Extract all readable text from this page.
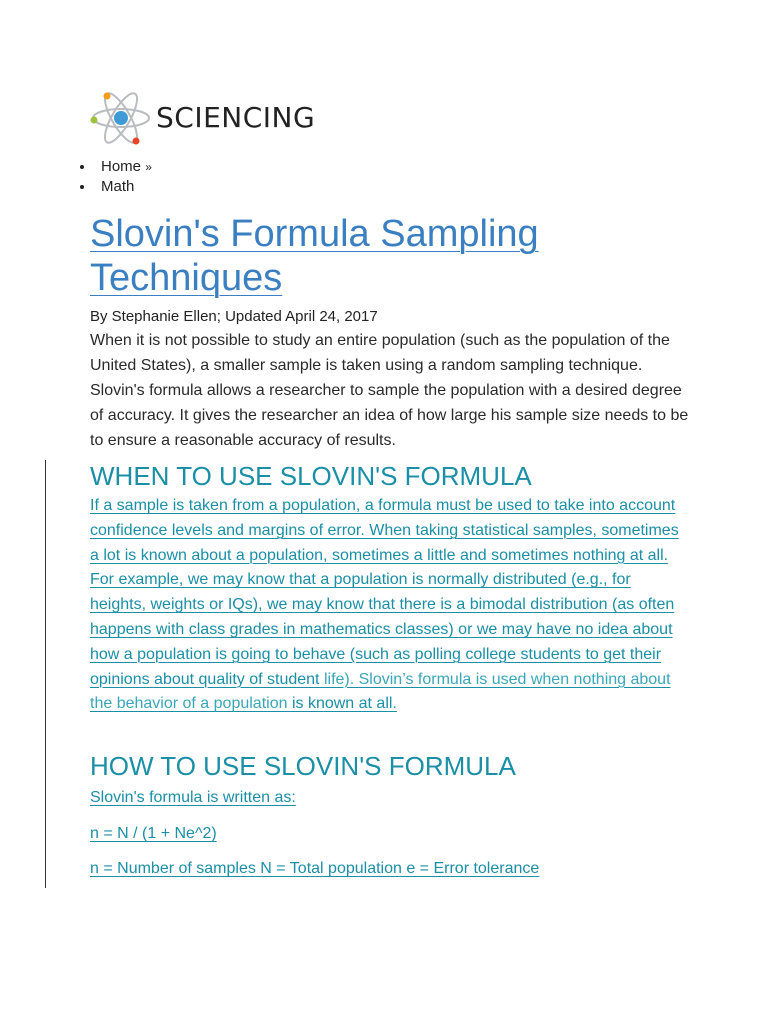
SCIENCING
Home »
Math
Slovin's Formula Sampling Techniques
By Stephanie Ellen; Updated April 24, 2017

When it is not possible to study an entire population (such as the population of the United States), a smaller sample is taken using a random sampling technique. Slovin's formula allows a researcher to sample the population with a desired degree of accuracy. It gives the researcher an idea of how large his sample size needs to be to ensure a reasonable accuracy of results.

WHEN TO USE SLOVIN'S FORMULA

If a sample is taken from a population, a formula must be used to take into account confidence levels and margins of error. When taking statistical samples, sometimes a lot is known about a population, sometimes a little and sometimes nothing at all. For example, we may know that a population is normally distributed (e.g., for heights, weights or IQs), we may know that there is a bimodal distribution (as often happens with class grades in mathematics classes) or we may have no idea about how a population is going to behave (such as polling college students to get their opinions about quality of student life). Slovin’s formula is used when nothing about the behavior of a population is known at all.

HOW TO USE SLOVIN'S FORMULA

Slovin's formula is written as:

n = N / (1 + Ne^2)

n = Number of samples N = Total population e = Error tolerance
